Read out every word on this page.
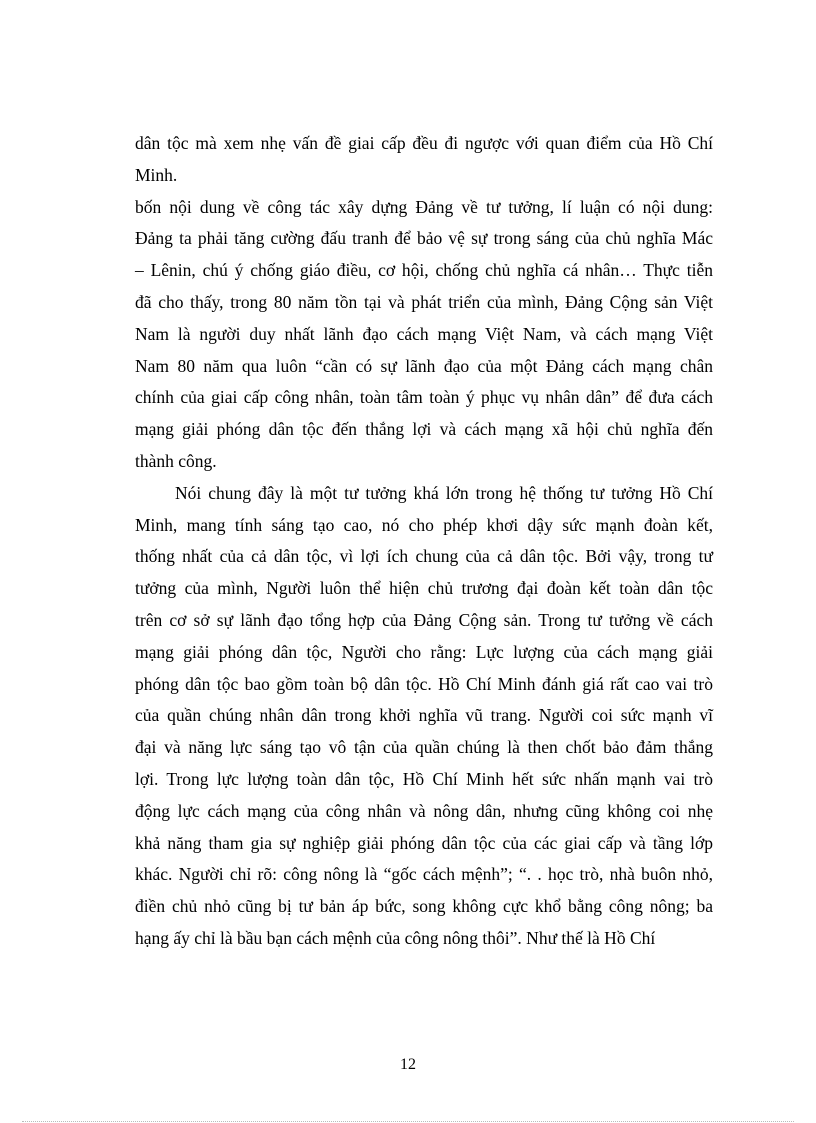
dân tộc mà xem nhẹ vấn đề giai cấp đều đi ngược với quan điểm của Hồ Chí
Minh.
bốn nội dung về công tác xây dựng Đảng về tư tưởng, lí luận có nội dung:
Đảng ta phải tăng cường đấu tranh để bảo vệ sự trong sáng của chủ nghĩa Mác
– Lênin, chú ý chống giáo điều, cơ hội, chống chủ nghĩa cá nhân… Thực tiễn
đã cho thấy, trong 80 năm tồn tại và phát triển của mình, Đảng Cộng sản Việt
Nam là người duy nhất lãnh đạo cách mạng Việt Nam, và cách mạng Việt
Nam 80 năm qua luôn “cần có sự lãnh đạo của một Đảng cách mạng chân
chính của giai cấp công nhân, toàn tâm toàn ý phục vụ nhân dân” để đưa cách
mạng giải phóng dân tộc đến thắng lợi và cách mạng xã hội chủ nghĩa đến
thành công.
Nói chung đây là một tư tưởng khá lớn trong hệ thống tư tưởng Hồ Chí
Minh, mang tính sáng tạo cao, nó cho phép khơi dậy sức mạnh đoàn kết,
thống nhất của cả dân tộc, vì lợi ích chung của cả dân tộc. Bởi vậy, trong tư
tưởng của mình, Người luôn thể hiện chủ trương đại đoàn kết toàn dân tộc
trên cơ sở sự lãnh đạo tổng hợp của Đảng Cộng sản. Trong tư tưởng về cách
mạng giải phóng dân tộc, Người cho rằng: Lực lượng của cách mạng giải
phóng dân tộc bao gồm toàn bộ dân tộc. Hồ Chí Minh đánh giá rất cao vai trò
của quần chúng nhân dân trong khởi nghĩa vũ trang. Người coi sức mạnh vĩ
đại và năng lực sáng tạo vô tận của quần chúng là then chốt bảo đảm thắng
lợi. Trong lực lượng toàn dân tộc, Hồ Chí Minh hết sức nhấn mạnh vai trò
động lực cách mạng của công nhân và nông dân, nhưng cũng không coi nhẹ
khả năng tham gia sự nghiệp giải phóng dân tộc của các giai cấp và tầng lớp
khác. Người chỉ rõ: công nông là “gốc cách mệnh”; “. . học trò, nhà buôn nhỏ,
điền chủ nhỏ cũng bị tư bản áp bức, song không cực khổ bằng công nông; ba
hạng ấy chỉ là bầu bạn cách mệnh của công nông thôi”. Như thế là Hồ Chí
12
